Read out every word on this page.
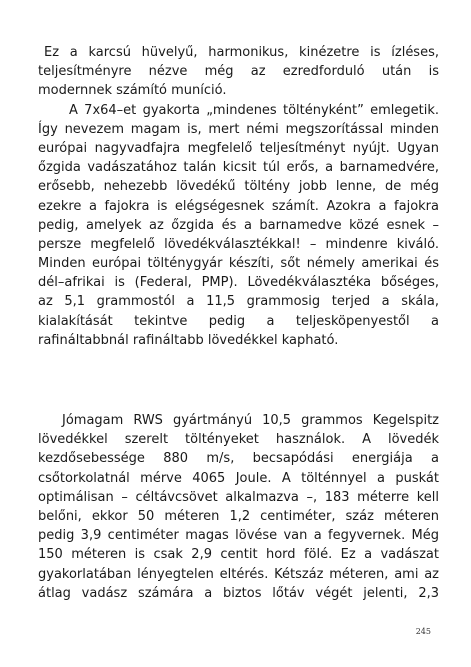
Ez a karcsú hüvelyű, harmonikus, kinézetre is ízléses,
teljesítményre nézve még az ezredforduló után is
modernnek számító muníció.
A 7x64–et gyakorta „mindenes töltényként” emlegetik.
Így nevezem magam is, mert némi megszorítással minden
európai nagyvadfajra megfelelő teljesítményt nyújt. Ugyan
őzgida vadászatához talán kicsit túl erős, a barnamedvére,
erősebb, nehezebb lövedékű töltény jobb lenne, de még
ezekre a fajokra is elégségesnek számít. Azokra a fajokra
pedig, amelyek az őzgida és a barnamedve közé esnek –
persze megfelelő lövedékválasztékkal! – mindenre kiváló.
Minden európai tölténygyár készíti, sőt némely amerikai és
dél–afrikai is (Federal, PMP). Lövedékválasztéka bőséges,
az 5,1 grammostól a 11,5 grammosig terjed a skála,
kialakítását tekintve pedig a teljesköpenyestől a
rafináltabbnál rafináltabb lövedékkel kapható.
Jómagam RWS gyártmányú 10,5 grammos Kegelspitz
lövedékkel szerelt töltényeket használok. A lövedék
kezdősebessége 880 m/s, becsapódási energiája a
csőtorkolatnál mérve 4065 Joule. A tölténnyel a puskát
optimálisan – céltávcsövet alkalmazva –, 183 méterre kell
belőni, ekkor 50 méteren 1,2 centiméter, száz méteren
pedig 3,9 centiméter magas lövése van a fegyvernek. Még
150 méteren is csak 2,9 centit hord fölé. Ez a vadászat
gyakorlatában lényegtelen eltérés. Kétszáz méteren, ami az
átlag vadász számára a biztos lőtáv végét jelenti, 2,3
245
